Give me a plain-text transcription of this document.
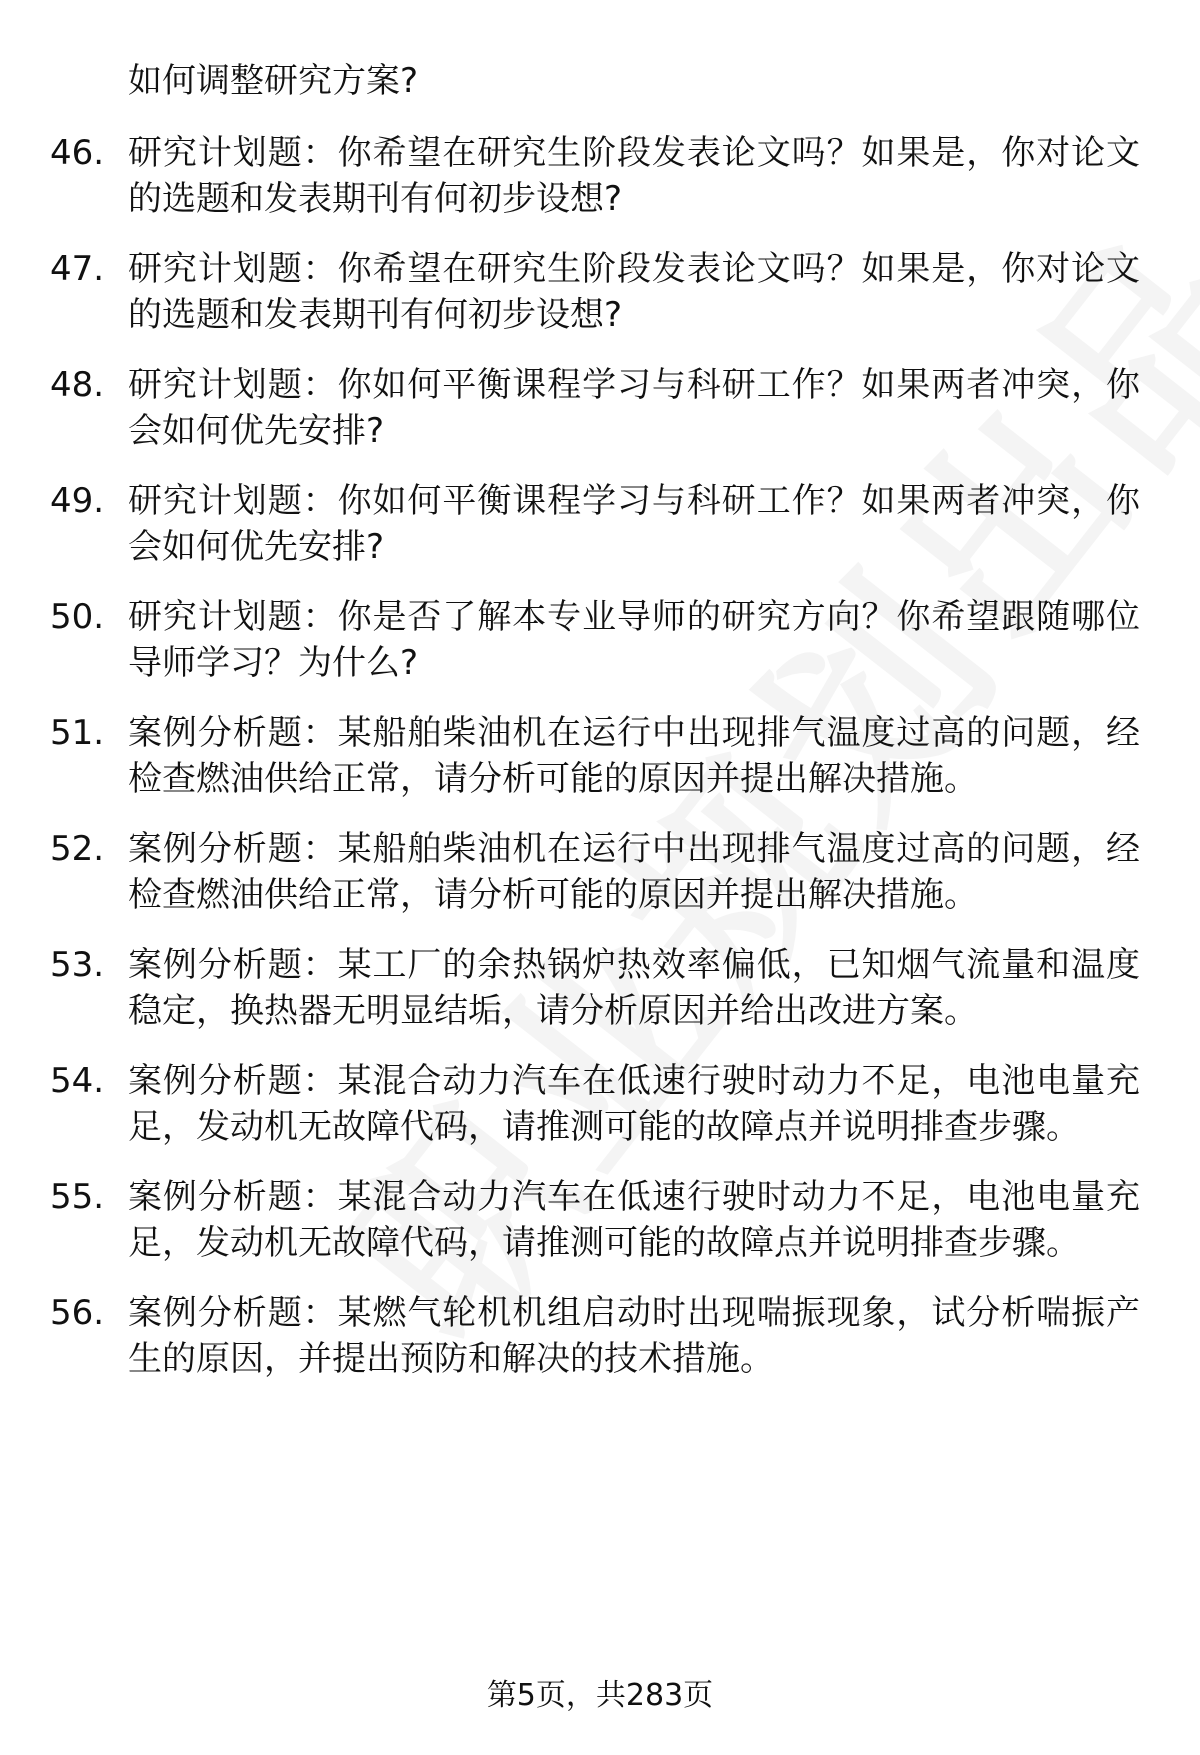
如何调整研究方案?

46. 研究计划题：你希望在研究生阶段发表论文吗？如果是，你对论文的选题和发表期刊有何初步设想?
47. 研究计划题：你希望在研究生阶段发表论文吗？如果是，你对论文的选题和发表期刊有何初步设想?
48. 研究计划题：你如何平衡课程学习与科研工作？如果两者冲突，你会如何优先安排?
49. 研究计划题：你如何平衡课程学习与科研工作？如果两者冲突，你会如何优先安排?
50. 研究计划题：你是否了解本专业导师的研究方向？你希望跟随哪位导师学习？为什么?
51. 案例分析题：某船舶柴油机在运行中出现排气温度过高的问题，经检查燃油供给正常，请分析可能的原因并提出解决措施。
52. 案例分析题：某船舶柴油机在运行中出现排气温度过高的问题，经检查燃油供给正常，请分析可能的原因并提出解决措施。
53. 案例分析题：某工厂的余热锅炉热效率偏低，已知烟气流量和温度稳定，换热器无明显结垢，请分析原因并给出改进方案。
54. 案例分析题：某混合动力汽车在低速行驶时动力不足，电池电量充足，发动机无故障代码，请推测可能的故障点并说明排查步骤。
55. 案例分析题：某混合动力汽车在低速行驶时动力不足，电池电量充足，发动机无故障代码，请推测可能的故障点并说明排查步骤。
56. 案例分析题：某燃气轮机机组启动时出现喘振现象，试分析喘振产生的原因，并提出预防和解决的技术措施。
第5页，共283页
